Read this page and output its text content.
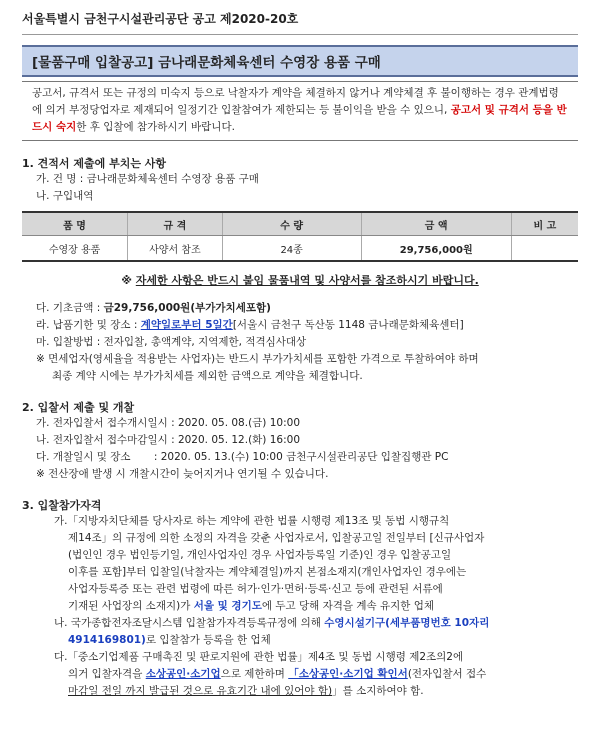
서울특별시 금천구시설관리공단 공고 제2020-20호
[물품구매 입찰공고] 금나래문화체육센터 수영장 용품 구매
공고서, 규격서 또는 규정의 미숙지 등으로 낙찰자가 계약을 체결하지 않거나 계약체결 후 불이행하는 경우 관계법령에 의거 부정당업자로 제재되어 일정기간 입찰참여가 제한되는 등 불이익을 받을 수 있으니, 공고서 및 규격서 등을 반드시 숙지한 후 입찰에 참가하시기 바랍니다.
1. 견적서 제출에 부치는 사항
가. 건 명 : 금나래문화체육센터 수영장 용품 구매
나. 구입내역
품 명	규 격	수 량	금 액	비 고
수영장 용품	사양서 참조	24종	29,756,000원	
※ 자세한 사항은 반드시 붙임 물품내역 및 사양서를 참조하시기 바랍니다.
다. 기초금액 : 금29,756,000원(부가가치세포함)
라. 납품기한 및 장소 : 계약일로부터 5일간[서울시 금천구 독산동 1148 금나래문화체육센터]
마. 입찰방법 : 전자입찰, 총액계약, 지역제한, 적격심사대상
※ 면세업자(영세율을 적용받는 사업자)는 반드시 부가가치세를 포함한 가격으로 투찰하여야 하며
최종 계약 시에는 부가가치세를 제외한 금액으로 계약을 체결합니다.
2. 입찰서 제출 및 개찰
가. 전자입찰서 접수개시일시 : 2020. 05. 08.(금) 10:00
나. 전자입찰서 접수마감일시 : 2020. 05. 12.(화) 16:00
다. 개찰일시 및 장소       : 2020. 05. 13.(수) 10:00 금천구시설관리공단 입찰집행관 PC
※ 전산장애 발생 시 개찰시간이 늦어지거나 연기될 수 있습니다.
3. 입찰참가자격
가.「지방자치단체를 당사자로 하는 계약에 관한 법률 시행령 제13조 및 동법 시행규칙
제14조」의 규정에 의한 소정의 자격을 갖춘 사업자로서, 입찰공고일 전일부터 [신규사업자
(법인인 경우 법인등기일, 개인사업자인 경우 사업자등록일 기준)인 경우 입찰공고일
이후를 포함]부터 입찰일(낙찰자는 계약체결일)까지 본점소재지(개인사업자인 경우에는
사업자등록증 또는 관련 법령에 따른 허가·인가·면허·등록·신고 등에 관련된 서류에
기재된 사업장의 소재지)가 서울 및 경기도에 두고 당해 자격을 계속 유지한 업체
나. 국가종합전자조달시스템 입찰참가자격등록규정에 의해 수영시설기구(세부품명번호 10자리
4914169801)로 입찰참가 등록을 한 업체
다.「중소기업제품 구매촉진 및 판로지원에 관한 법률」제4조 및 동법 시행령 제2조의2에
의거 입찰자격을 소상공인·소기업으로 제한하며 「소상공인·소기업 확인서(전자입찰서 접수
마감일 전일 까지 발급된 것으로 유효기간 내에 있어야 함)」를 소지하여야 함.
